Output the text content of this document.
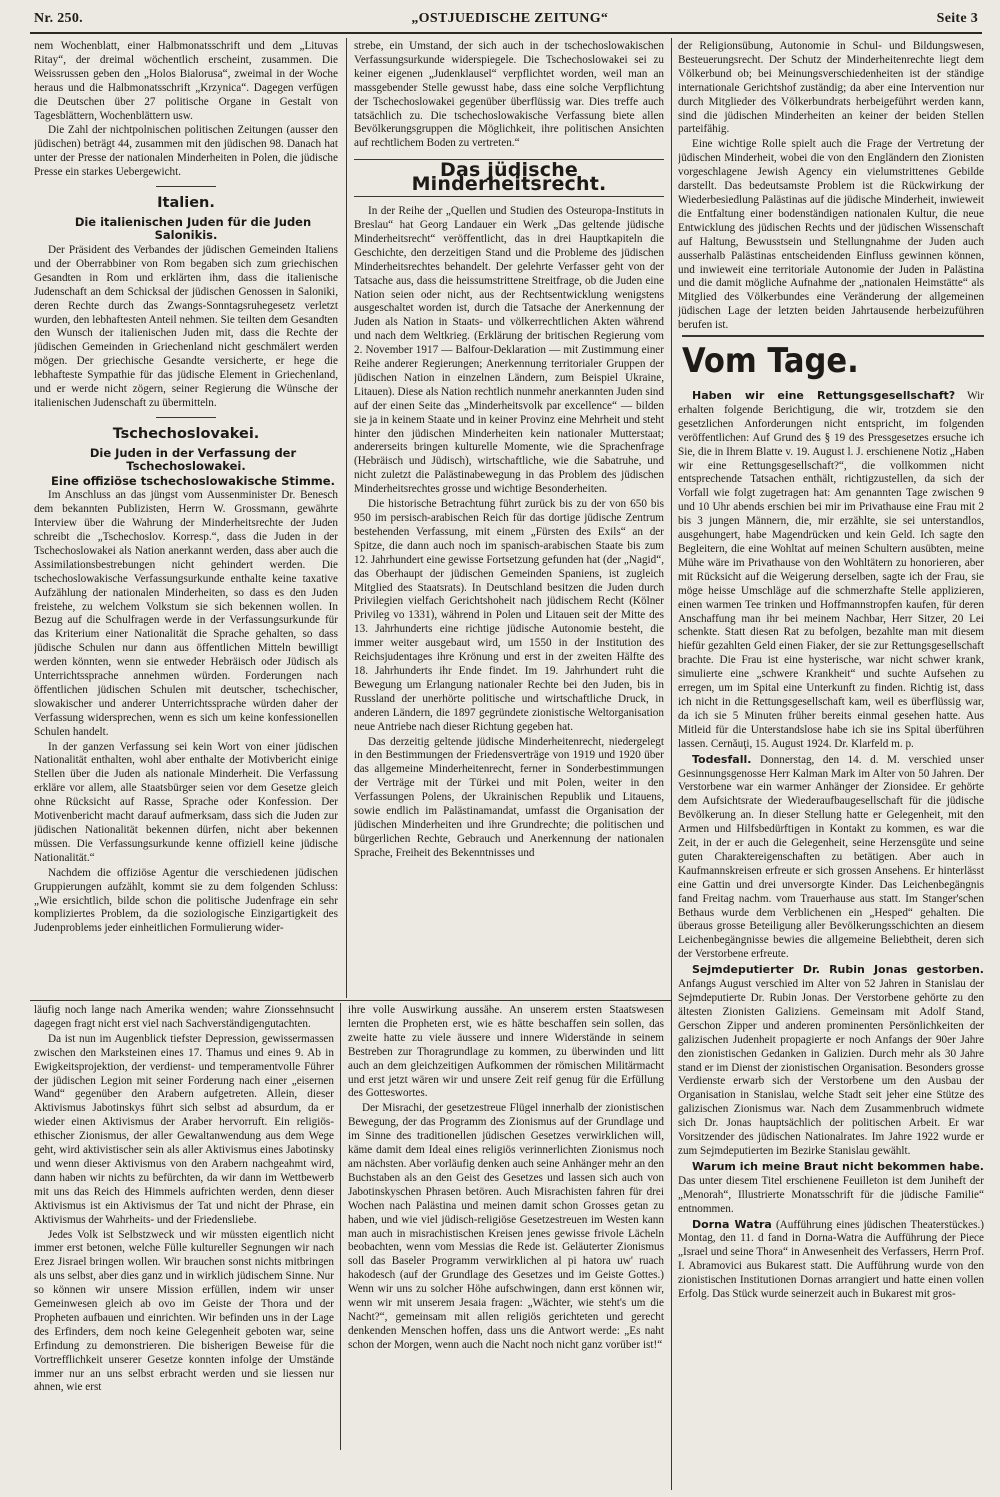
Nr. 250.	„OSTJUEDISCHE ZEITUNG“	Seite 3

nem Wochenblatt, einer Halbmonatsschrift und dem „Lituvas Ritay“, der dreimal wöchentlich erscheint, zusammen. Die Weissrussen geben den „Holos Bialorusa“, zweimal in der Woche heraus und die Halbmonatsschrift „Krzynica“. Dagegen verfügen die Deutschen über 27 politische Organe in Gestalt von Tagesblättern, Wochenblättern usw.

Die Zahl der nichtpolnischen politischen Zeitungen (ausser den jüdischen) beträgt 44, zusammen mit den jüdischen 98. Danach hat unter der Presse der nationalen Minderheiten in Polen, die jüdische Presse ein starkes Uebergewicht.

Italien.

Die italienischen Juden für die Juden Salonikis.

Der Präsident des Verbandes der jüdischen Gemeinden Italiens und der Oberrabbiner von Rom begaben sich zum griechischen Gesandten in Rom und erklärten ihm, dass die italienische Judenschaft an dem Schicksal der jüdischen Genossen in Saloniki, deren Rechte durch das Zwangs-Sonntagsruhegesetz verletzt wurden, den lebhaftesten Anteil nehmen. Sie teilten dem Gesandten den Wunsch der italienischen Juden mit, dass die Rechte der jüdischen Gemeinden in Griechenland nicht geschmälert werden mögen. Der griechische Gesandte versicherte, er hege die lebhafteste Sympathie für das jüdische Element in Griechenland, und er werde nicht zögern, seiner Regierung die Wünsche der italienischen Judenschaft zu übermitteln.

Tschechoslovakei.

Die Juden in der Verfassung der Tschechoslowakei.

Eine offiziöse tschechoslowakische Stimme.

Im Anschluss an das jüngst vom Aussenminister Dr. Benesch dem bekannten Publizisten, Herrn W. Grossmann, gewährte Interview über die Wahrung der Minderheitsrechte der Juden schreibt die „Tschechoslov. Korresp.“, dass die Juden in der Tschechoslowakei als Nation anerkannt werden, dass aber auch die Assimilationsbestrebungen nicht gehindert werden. Die tschechoslowakische Verfassungsurkunde enthalte keine taxative Aufzählung der nationalen Minderheiten, so dass es den Juden freistehe, zu welchem Volkstum sie sich bekennen wollen. In Bezug auf die Schulfragen werde in der Verfassungsurkunde für das Kriterium einer Nationalität die Sprache gehalten, so dass jüdische Schulen nur dann aus öffentlichen Mitteln bewilligt werden könnten, wenn sie entweder Hebräisch oder Jüdisch als Unterrichtssprache annehmen würden. Forderungen nach öffentlichen jüdischen Schulen mit deutscher, tschechischer, slowakischer und anderer Unterrichtssprache würden daher der Verfassung widersprechen, wenn es sich um keine konfessionellen Schulen handelt.

In der ganzen Verfassung sei kein Wort von einer jüdischen Nationalität enthalten, wohl aber enthalte der Motivbericht einige Stellen über die Juden als nationale Minderheit. Die Verfassung erkläre vor allem, alle Staatsbürger seien vor dem Gesetze gleich ohne Rücksicht auf Rasse, Sprache oder Konfession. Der Motivenbericht macht darauf aufmerksam, dass sich die Juden zur jüdischen Nationalität bekennen dürfen, nicht aber bekennen müssen. Die Verfassungsurkunde kenne offiziell keine jüdische Nationalität.“

Nachdem die offiziöse Agentur die verschiedenen jüdischen Gruppierungen aufzählt, kommt sie zu dem folgenden Schluss: „Wie ersichtlich, bilde schon die politische Judenfrage ein sehr kompliziertes Problem, da die soziologische Einzigartigkeit des Judenproblems jeder einheitlichen Formulierung wider-

strebe, ein Umstand, der sich auch in der tschechoslowakischen Verfassungsurkunde widerspiegele. Die Tschechoslowakei sei zu keiner eigenen „Judenklausel“ verpflichtet worden, weil man an massgebender Stelle gewusst habe, dass eine solche Verpflichtung der Tschechoslowakei gegenüber überflüssig war. Dies treffe auch tatsächlich zu. Die tschechoslowakische Verfassung biete allen Bevölkerungsgruppen die Möglichkeit, ihre politischen Ansichten auf rechtlichem Boden zu vertreten.“

Das jüdische Minderheitsrecht.

In der Reihe der „Quellen und Studien des Osteuropa-Instituts in Breslau“ hat Georg Landauer ein Werk „Das geltende jüdische Minderheitsrecht“ veröffentlicht, das in drei Hauptkapiteln die Geschichte, den derzeitigen Stand und die Probleme des jüdischen Minderheitsrechtes behandelt. Der gelehrte Verfasser geht von der Tatsache aus, dass die heissumstrittene Streitfrage, ob die Juden eine Nation seien oder nicht, aus der Rechtsentwicklung wenigstens ausgeschaltet worden ist, durch die Tatsache der Anerkennung der Juden als Nation in Staats- und völkerrechtlichen Akten während und nach dem Weltkrieg. (Erklärung der britischen Regierung vom 2. November 1917 — Balfour-Deklaration — mit Zustimmung einer Reihe anderer Regierungen; Anerkennung territorialer Gruppen der jüdischen Nation in einzelnen Ländern, zum Beispiel Ukraine, Litauen). Diese als Nation rechtlich nunmehr anerkannten Juden sind auf der einen Seite das „Minderheitsvolk par excellence“ — bilden sie ja in keinem Staate und in keiner Provinz eine Mehrheit und steht hinter den jüdischen Minderheiten kein nationaler Mutterstaat; andererseits bringen kulturelle Momente, wie die Sprachenfrage (Hebräisch und Jüdisch), wirtschaftliche, wie die Sabatruhe, und nicht zuletzt die Palästinabewegung in das Problem des jüdischen Minderheitsrechtes grosse und wichtige Besonderheiten.

Die historische Betrachtung führt zurück bis zu der von 650 bis 950 im persisch-arabischen Reich für das dortige jüdische Zentrum bestehenden Verfassung, mit einem „Fürsten des Exils“ an der Spitze, die dann auch noch im spanisch-arabischen Staate bis zum 12. Jahrhundert eine gewisse Fortsetzung gefunden hat (der „Nagid“, das Oberhaupt der jüdischen Gemeinden Spaniens, ist zugleich Mitglied des Staatsrats). In Deutschland besitzen die Juden durch Privilegien vielfach Gerichtshoheit nach jüdischem Recht (Kölner Privileg vo 1331), während in Polen und Litauen seit der Mitte des 13. Jahrhunderts eine richtige jüdische Autonomie besteht, die immer weiter ausgebaut wird, um 1550 in der Institution des Reichsjudentages ihre Krönung und erst in der zweiten Hälfte des 18. Jahrhunderts ihr Ende findet. Im 19. Jahrhundert ruht die Bewegung um Erlangung nationaler Rechte bei den Juden, bis in Russland der unerhörte politische und wirtschaftliche Druck, in anderen Ländern, die 1897 gegründete zionistische Weltorganisation neue Antriebe nach dieser Richtung gegeben hat.

Das derzeitig geltende jüdische Minderheitenrecht, niedergelegt in den Bestimmungen der Friedensverträge von 1919 und 1920 über das allgemeine Minderheitenrecht, ferner in Sonderbestimmungen der Verträge mit der Türkei und mit Polen, weiter in den Verfassungen Polens, der Ukrainischen Republik und Litauens, sowie endlich im Palästinamandat, umfasst die Organisation der jüdischen Minderheiten und ihre Grundrechte; die politischen und bürgerlichen Rechte, Gebrauch und Anerkennung der nationalen Sprache, Freiheit des Bekenntnisses und

der Religionsübung, Autonomie in Schul- und Bildungswesen, Besteuerungsrecht. Der Schutz der Minderheitenrechte liegt dem Völkerbund ob; bei Meinungsverschiedenheiten ist der ständige internationale Gerichtshof zuständig; da aber eine Intervention nur durch Mitglieder des Völkerbundrats herbeigeführt werden kann, sind die jüdischen Minderheiten an keiner der beiden Stellen parteifähig.

Eine wichtige Rolle spielt auch die Frage der Vertretung der jüdischen Minderheit, wobei die von den Engländern den Zionisten vorgeschlagene Jewish Agency ein vielumstrittenes Gebilde darstellt. Das bedeutsamste Problem ist die Rückwirkung der Wiederbesiedlung Palästinas auf die jüdische Minderheit, inwieweit die Entfaltung einer bodenständigen nationalen Kultur, die neue Entwicklung des jüdischen Rechts und der jüdischen Wissenschaft auf Haltung, Bewusstsein und Stellungnahme der Juden auch ausserhalb Palästinas entscheidenden Einfluss gewinnen können, und inwieweit eine territoriale Autonomie der Juden in Palästina und die damit mögliche Aufnahme der „nationalen Heimstätte“ als Mitglied des Völkerbundes eine Veränderung der allgemeinen jüdischen Lage der letzten beiden Jahrtausende herbeizuführen berufen ist.

Vom Tage.

Haben wir eine Rettungsgesellschaft? Wir erhalten folgende Berichtigung, die wir, trotzdem sie den gesetzlichen Anforderungen nicht entspricht, im folgenden veröffentlichen: Auf Grund des § 19 des Pressgesetzes ersuche ich Sie, die in Ihrem Blatte v. 19. August l. J. erschienene Notiz „Haben wir eine Rettungsgesellschaft?“, die vollkommen nicht entsprechende Tatsachen enthält, richtigzustellen, da sich der Vorfall wie folgt zugetragen hat: Am genannten Tage zwischen 9 und 10 Uhr abends erschien bei mir im Privathause eine Frau mit 2 bis 3 jungen Männern, die, mir erzählte, sie sei unterstandlos, ausgehungert, habe Magendrücken und kein Geld. Ich sagte den Begleitern, die eine Wohltat auf meinen Schultern ausübten, meine Mühe wäre im Privathause von den Wohltätern zu honorieren, aber mit Rücksicht auf die Weigerung derselben, sagte ich der Frau, sie möge heisse Umschläge auf die schmerzhafte Stelle applizieren, einen warmen Tee trinken und Hoffmannstropfen kaufen, für deren Anschaffung man ihr bei meinem Nachbar, Herr Sitzer, 20 Lei schenkte. Statt diesen Rat zu befolgen, bezahlte man mit diesem hiefür gezahlten Geld einen Fiaker, der sie zur Rettungsgesellschaft brachte. Die Frau ist eine hysterische, war nicht schwer krank, simulierte eine „schwere Krankheit“ und suchte Aufsehen zu erregen, um im Spital eine Unterkunft zu finden. Richtig ist, dass ich nicht in die Rettungsgesellschaft kam, weil es überflüssig war, da ich sie 5 Minuten früher bereits einmal gesehen hatte. Aus Mitleid für die Unterstandslose habe ich sie ins Spital überführen lassen. Cernăuţi, 15. August 1924. Dr. Klarfeld m. p.

Todesfall. Donnerstag, den 14. d. M. verschied unser Gesinnungsgenosse Herr Kalman Mark im Alter von 50 Jahren. Der Verstorbene war ein warmer Anhänger der Zionsidee. Er gehörte dem Aufsichtsrate der Wiederaufbaugesellschaft für die jüdische Bevölkerung an. In dieser Stellung hatte er Gelegenheit, mit den Armen und Hilfsbedürftigen in Kontakt zu kommen, es war die Zeit, in der er auch die Gelegenheit, seine Herzensgüte und seine guten Charaktereigenschaften zu betätigen. Aber auch in Kaufmannskreisen erfreute er sich grossen Ansehens. Er hinterlässt eine Gattin und drei unversorgte Kinder. Das Leichenbegängnis fand Freitag nachm. vom Trauerhause aus statt. Im Stanger'schen Bethaus wurde dem Verblichenen ein „Hesped“ gehalten. Die überaus grosse Beteiligung aller Bevölkerungsschichten an diesem Leichenbegängnisse bewies die allgemeine Beliebtheit, deren sich der Verstorbene erfreute.

Sejmdeputierter Dr. Rubin Jonas gestorben. Anfangs August verschied im Alter von 52 Jahren in Stanislau der Sejmdeputierte Dr. Rubin Jonas. Der Verstorbene gehörte zu den ältesten Zionisten Galiziens. Gemeinsam mit Adolf Stand, Gerschon Zipper und anderen prominenten Persönlichkeiten der galizischen Judenheit propagierte er noch Anfangs der 90er Jahre den zionistischen Gedanken in Galizien. Durch mehr als 30 Jahre stand er im Dienst der zionistischen Organisation. Besonders grosse Verdienste erwarb sich der Verstorbene um den Ausbau der Organisation in Stanislau, welche Stadt seit jeher eine Stütze des galizischen Zionismus war. Nach dem Zusammenbruch widmete sich Dr. Jonas hauptsächlich der politischen Arbeit. Er war Vorsitzender des jüdischen Nationalrates. Im Jahre 1922 wurde er zum Sejmdeputierten im Bezirke Stanislau gewählt.

Warum ich meine Braut nicht bekommen habe. Das unter diesem Titel erschienene Feuilleton ist dem Juniheft der „Menorah“, Illustrierte Monatsschrift für die jüdische Familie“ entnommen.

Dorna Watra (Aufführung eines jüdischen Theaterstückes.) Montag, den 11. d fand in Dorna-Watra die Aufführung der Piece „Israel und seine Thora“ in Anwesenheit des Verfassers, Herrn Prof. I. Abramovici aus Bukarest statt. Die Aufführung wurde von den zionistischen Institutionen Dornas arrangiert und hatte einen vollen Erfolg. Das Stück wurde seinerzeit auch in Bukarest mit gros-

läufig noch lange nach Amerika wenden; wahre Zionssehnsucht dagegen fragt nicht erst viel nach Sachverständigengutachten.

Da ist nun im Augenblick tiefster Depression, gewissermassen zwischen den Marksteinen eines 17. Thamus und eines 9. Ab in Ewigkeitsprojektion, der verdienst- und temperamentvolle Führer der jüdischen Legion mit seiner Forderung nach einer „eisernen Wand“ gegenüber den Arabern aufgetreten. Allein, dieser Aktivismus Jabotinskys führt sich selbst ad absurdum, da er wieder einen Aktivismus der Araber hervorruft. Ein religiös-ethischer Zionismus, der aller Gewaltanwendung aus dem Wege geht, wird aktivistischer sein als aller Aktivismus eines Jabotinsky und wenn dieser Aktivismus von den Arabern nachgeahmt wird, dann haben wir nichts zu befürchten, da wir dann im Wettbewerb mit uns das Reich des Himmels aufrichten werden, denn dieser Aktivismus ist ein Aktivismus der Tat und nicht der Phrase, ein Aktivismus der Wahrheits- und der Friedensliebe.

Jedes Volk ist Selbstzweck und wir müssten eigentlich nicht immer erst betonen, welche Fülle kultureller Segnungen wir nach Erez Jisrael bringen wollen. Wir brauchen sonst nichts mitbringen als uns selbst, aber dies ganz und in wirklich jüdischem Sinne. Nur so können wir unsere Mission erfüllen, indem wir unser Gemeinwesen gleich ab ovo im Geiste der Thora und der Propheten aufbauen und einrichten. Wir befinden uns in der Lage des Erfinders, dem noch keine Gelegenheit geboten war, seine Erfindung zu demonstrieren. Die bisherigen Beweise für die Vortrefflichkeit unserer Gesetze konnten infolge der Umstände immer nur an uns selbst erbracht werden und sie liessen nur ahnen, wie erst

ihre volle Auswirkung aussähe. An unserem ersten Staatswesen lernten die Propheten erst, wie es hätte beschaffen sein sollen, das zweite hatte zu viele äussere und innere Widerstände in seinem Bestreben zur Thoragrundlage zu kommen, zu überwinden und litt auch an dem gleichzeitigen Aufkommen der römischen Militärmacht und erst jetzt wären wir und unsere Zeit reif genug für die Erfüllung des Gotteswortes.

Der Misrachi, der gesetzestreue Flügel innerhalb der zionistischen Bewegung, der das Programm des Zionismus auf der Grundlage und im Sinne des traditionellen jüdischen Gesetzes verwirklichen will, käme damit dem Ideal eines religiös verinnerlichten Zionismus noch am nächsten. Aber vorläufig denken auch seine Anhänger mehr an den Buchstaben als an den Geist des Gesetzes und lassen sich auch von Jabotinskyschen Phrasen betören. Auch Misrachisten fahren für drei Wochen nach Palästina und meinen damit schon Grosses getan zu haben, und wie viel jüdisch-religiöse Gesetzestreuen im Westen kann man auch in misrachistischen Kreisen jenes gewisse frivole Lächeln beobachten, wenn vom Messias die Rede ist. Geläuterter Zionismus soll das Baseler Programm verwirklichen al pi hatora uw' ruach hakodesch (auf der Grundlage des Gesetzes und im Geiste Gottes.) Wenn wir uns zu solcher Höhe aufschwingen, dann erst können wir, wenn wir mit unserem Jesaia fragen: „Wächter, wie steht's um die Nacht?“, gemeinsam mit allen religiös gerichteten und gerecht denkenden Menschen hoffen, dass uns die Antwort werde: „Es naht schon der Morgen, wenn auch die Nacht noch nicht ganz vorüber ist!“
